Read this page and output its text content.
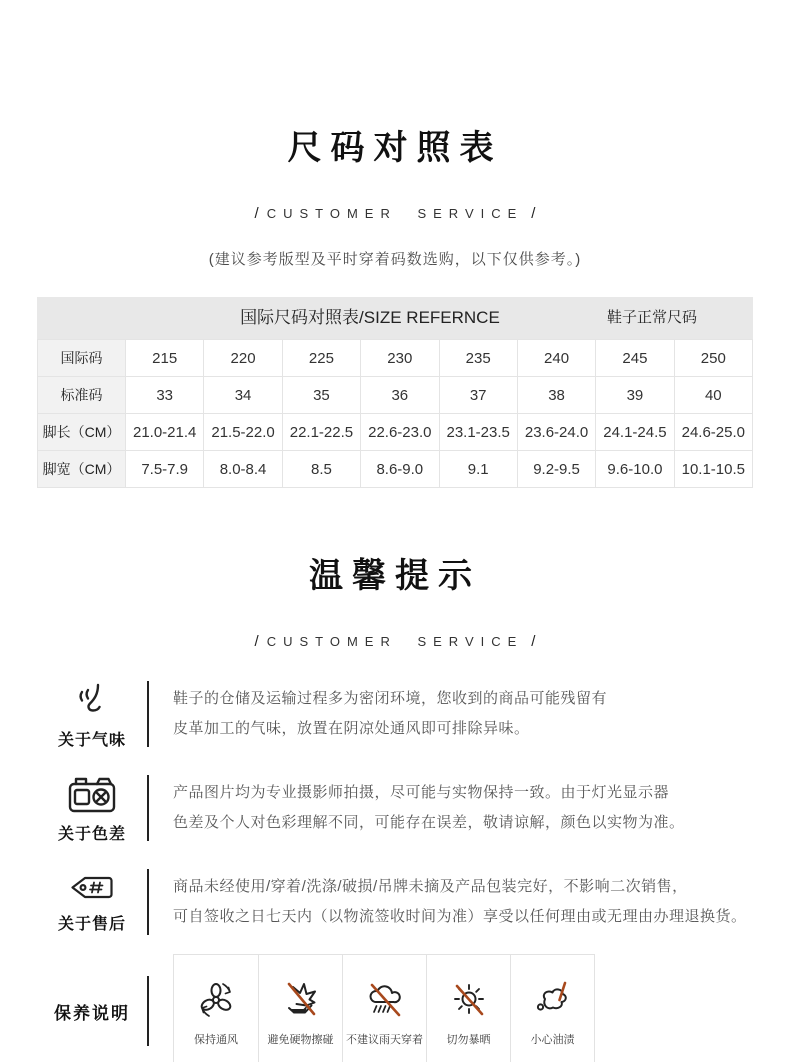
尺码对照表
/ CUSTOMER SERVICE /
(建议参考版型及平时穿着码数选购，以下仅供参考。)
国际尺码对照表/SIZE REFERNCE	鞋子正常尺码
国际码	215	220	225	230	235	240	245	250
标准码	33	34	35	36	37	38	39	40
脚长（CM）	21.0-21.4	21.5-22.0	22.1-22.5	22.6-23.0	23.1-23.5	23.6-24.0	24.1-24.5	24.6-25.0
脚宽（CM）	7.5-7.9	8.0-8.4	8.5	8.6-9.0	9.1	9.2-9.5	9.6-10.0	10.1-10.5
温馨提示
/ CUSTOMER SERVICE /
关于气味
鞋子的仓储及运输过程多为密闭环境，您收到的商品可能残留有
皮革加工的气味，放置在阴凉处通风即可排除异味。
关于色差
产品图片均为专业摄影师拍摄，尽可能与实物保持一致。由于灯光显示器
色差及个人对色彩理解不同，可能存在误差，敬请谅解，颜色以实物为准。
关于售后
商品未经使用/穿着/洗涤/破损/吊牌未摘及产品包装完好，不影响二次销售，
可自签收之日七天内（以物流签收时间为准）享受以任何理由或无理由办理退换货。
保养说明
保持通风	避免硬物擦碰 不建议雨天穿着 切勿暴晒	小心油渍
